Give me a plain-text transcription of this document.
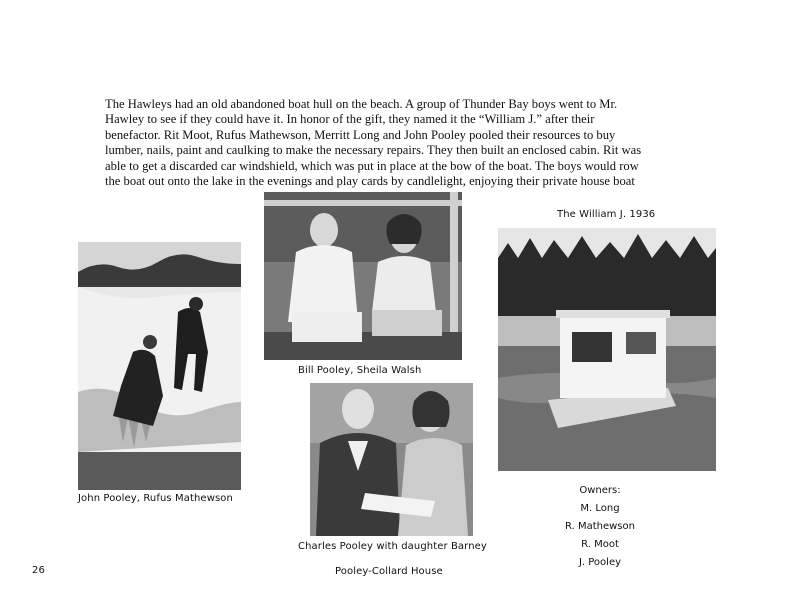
The Hawleys had an old abandoned boat hull on the beach. A group of Thunder Bay boys went to Mr. Hawley to see if they could have it. In honor of the gift, they named it the “William J.” after their benefactor. Rit Moot, Rufus Mathewson, Merritt Long and John Pooley pooled their resources to buy lumber, nails, paint and caulking to make the necessary repairs. They then built an enclosed cabin. Rit was able to get a discarded car windshield, which was put in place at the bow of the boat. The boys would row the boat out onto the lake in the evenings and play cards by candlelight, enjoying their private house boat

John Pooley, Rufus Mathewson
Bill Pooley, Sheila Walsh
Charles Pooley with daughter Barney
The William J. 1936
Owners:
M. Long
R. Mathewson
R. Moot
J. Pooley
26	Pooley-Collard House
